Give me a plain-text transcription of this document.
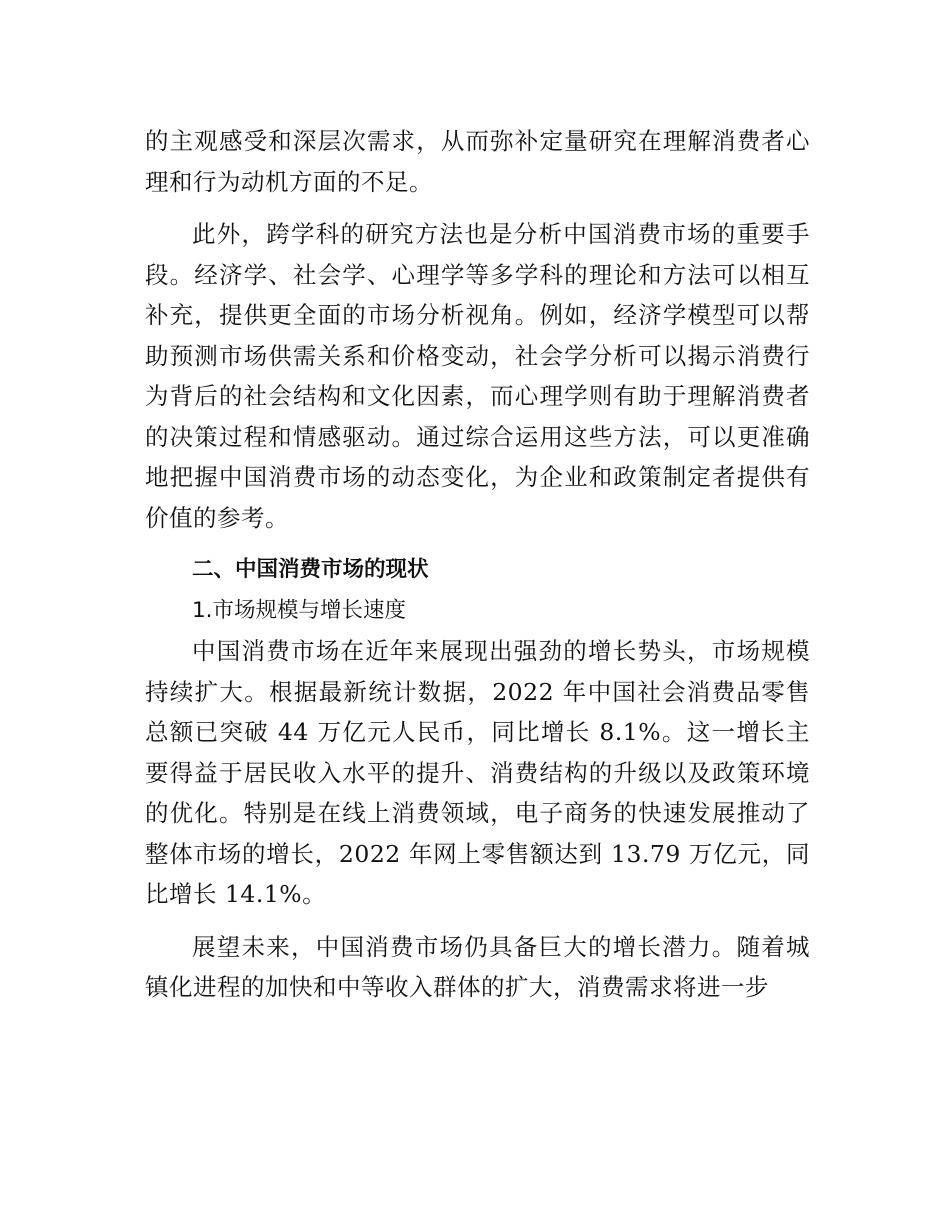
的主观感受和深层次需求，从而弥补定量研究在理解消费者心理和行为动机方面的不足。

此外，跨学科的研究方法也是分析中国消费市场的重要手段。经济学、社会学、心理学等多学科的理论和方法可以相互补充，提供更全面的市场分析视角。例如，经济学模型可以帮助预测市场供需关系和价格变动，社会学分析可以揭示消费行为背后的社会结构和文化因素，而心理学则有助于理解消费者的决策过程和情感驱动。通过综合运用这些方法，可以更准确地把握中国消费市场的动态变化，为企业和政策制定者提供有价值的参考。

二、中国消费市场的现状

1.市场规模与增长速度

中国消费市场在近年来展现出强劲的增长势头，市场规模持续扩大。根据最新统计数据，2022 年中国社会消费品零售总额已突破 44 万亿元人民币，同比增长 8.1%。这一增长主要得益于居民收入水平的提升、消费结构的升级以及政策环境的优化。特别是在线上消费领域，电子商务的快速发展推动了整体市场的增长，2022 年网上零售额达到 13.79 万亿元，同比增长 14.1%。

展望未来，中国消费市场仍具备巨大的增长潜力。随着城镇化进程的加快和中等收入群体的扩大，消费需求将进一步
